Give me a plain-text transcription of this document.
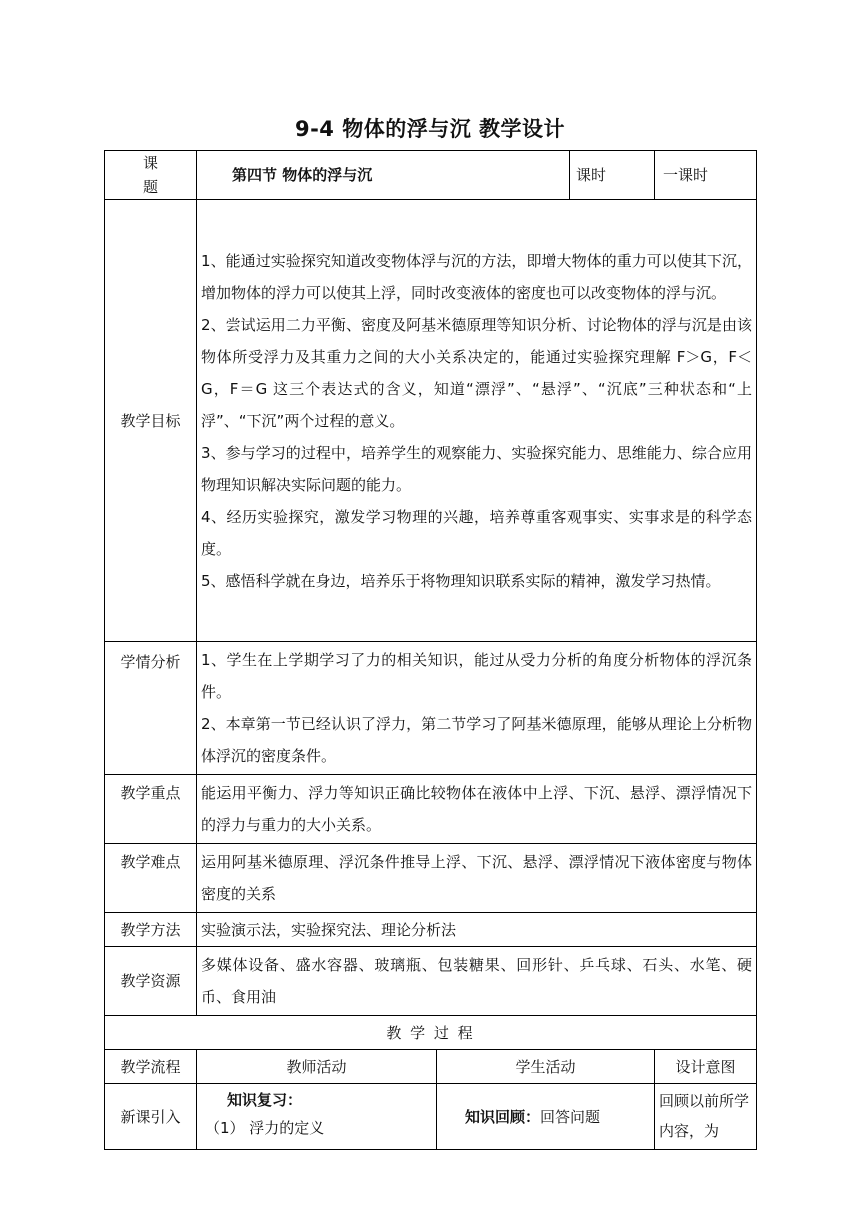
9-4 物体的浮与沉 教学设计
课 题	第四节 物体的浮与沉		课时	一课时
教学目标	1、能通过实验探究知道改变物体浮与沉的方法，即增大物体的重力可以使其下沉，增加物体的浮力可以使其上浮，同时改变液体的密度也可以改变物体的浮与沉。
2、尝试运用二力平衡、密度及阿基米德原理等知识分析、讨论物体的浮与沉是由该物体所受浮力及其重力之间的大小关系决定的，能通过实验探究理解 F＞G，F＜G，F＝G 这三个表达式的含义，知道“漂浮”、“悬浮”、“沉底”三种状态和“上浮”、“下沉”两个过程的意义。
3、参与学习的过程中，培养学生的观察能力、实验探究能力、思维能力、综合应用物理知识解决实际问题的能力。
4、经历实验探究，激发学习物理的兴趣，培养尊重客观事实、实事求是的科学态度。
5、感悟科学就在身边，培养乐于将物理知识联系实际的精神，激发学习热情。			

学情分析	1、学生在上学期学习了力的相关知识，能过从受力分析的角度分析物体的浮沉条件。
2、本章第一节已经认识了浮力，第二节学习了阿基米德原理，能够从理论上分析物体浮沉的密度条件。			

教学重点	能运用平衡力、浮力等知识正确比较物体在液体中上浮、下沉、悬浮、漂浮情况下的浮力与重力的大小关系。			

教学难点	运用阿基米德原理、浮沉条件推导上浮、下沉、悬浮、漂浮情况下液体密度与物体密度的关系			

教学方法	实验演示法，实验探究法、理论分析法			
教学资源	多媒体设备、盛水容器、玻璃瓶、包装糖果、回形针、乒乓球、石头、水笔、硬币、食用油			

教 学 过 程				
教学流程	教师活动	学生活动		设计意图
新课引入	知识复习：
（1） 浮力的定义	知识回顾：回答问题		回顾以前所学内容，为
